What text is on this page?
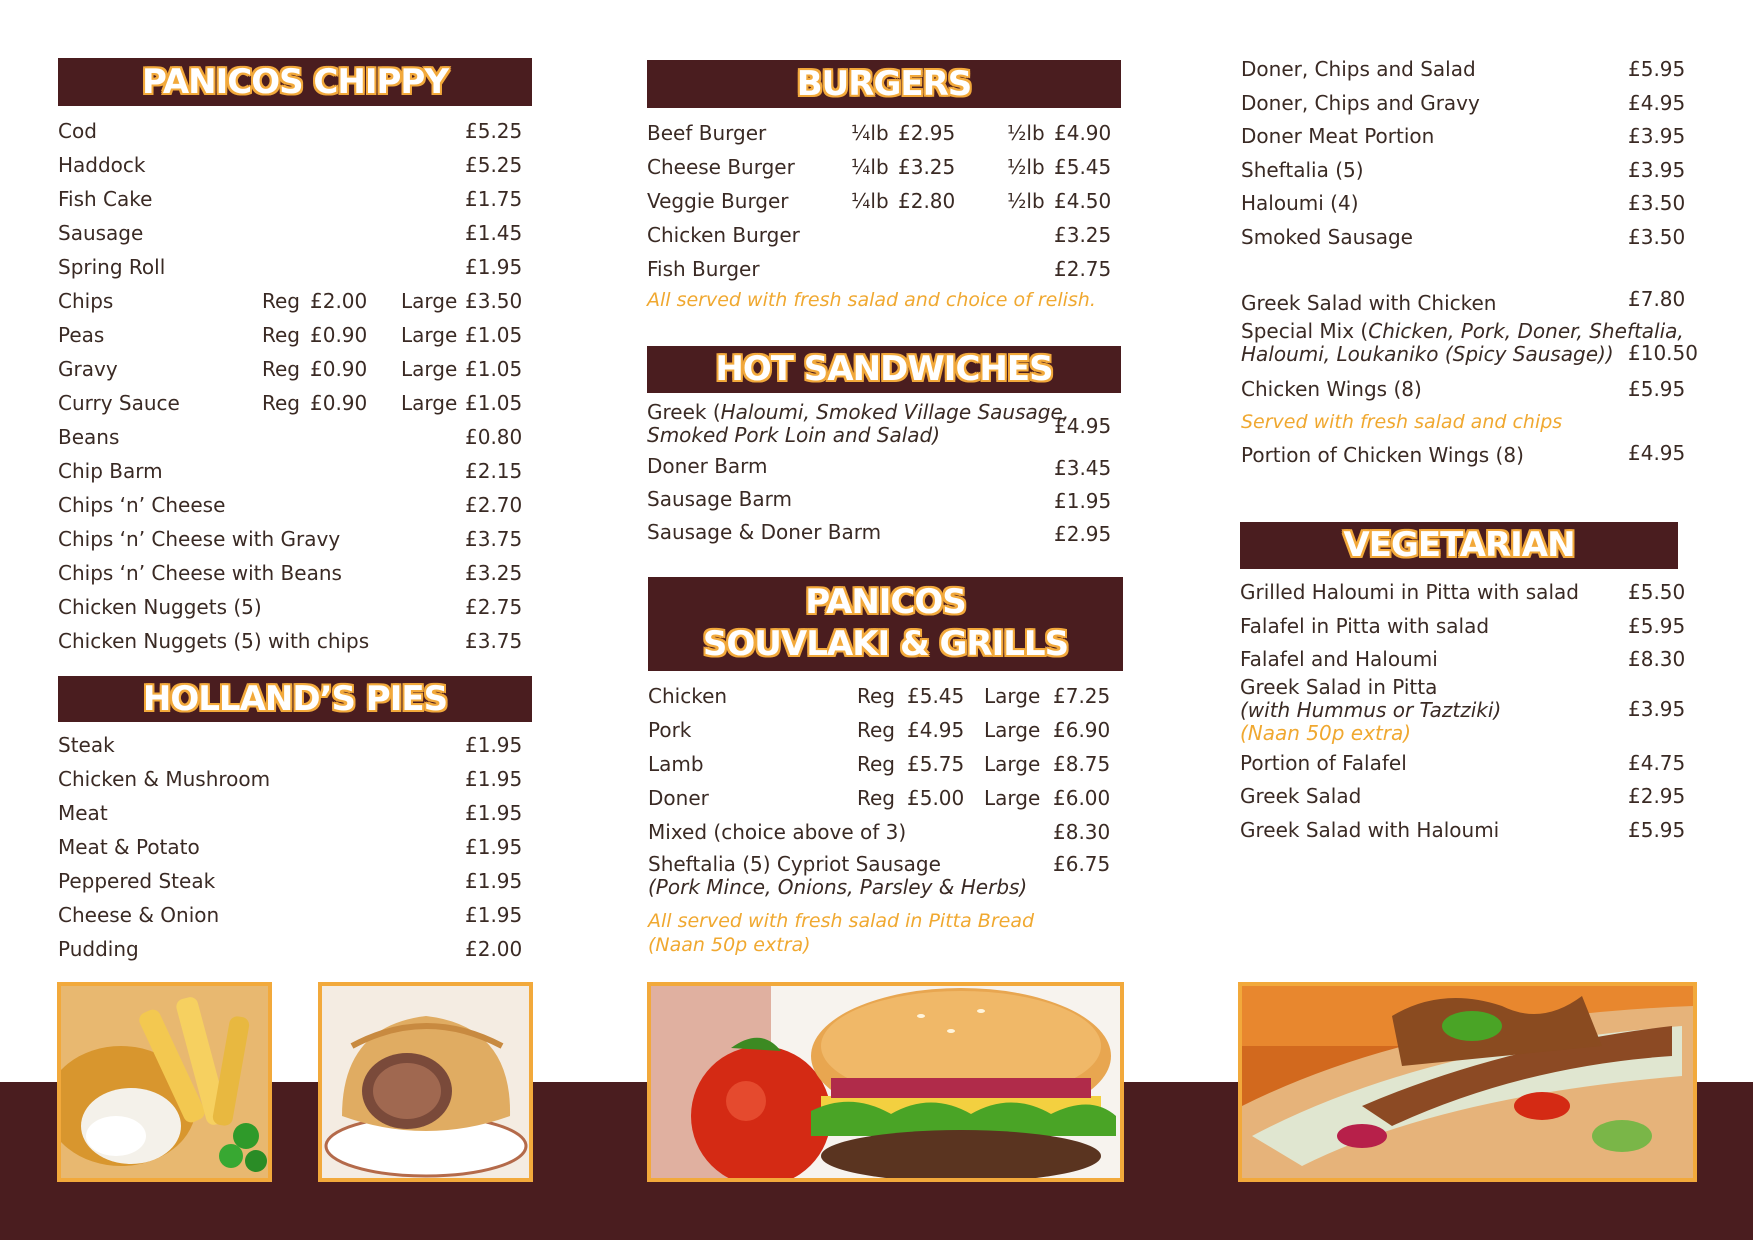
PANICOS CHIPPY
Cod	£5.25
Haddock	£5.25
Fish Cake	£1.75
Sausage	£1.45
Spring Roll	£1.95
Chips	Reg £2.00 Large £3.50
Peas	Reg £0.90 Large £1.05
Gravy	Reg £0.90 Large £1.05
Curry Sauce	Reg £0.90 Large £1.05
Beans	£0.80
Chip Barm	£2.15
Chips ‘n’ Cheese	£2.70
Chips ‘n’ Cheese with Gravy	£3.75
Chips ‘n’ Cheese with Beans	£3.25
Chicken Nuggets (5)	£2.75
Chicken Nuggets (5) with chips	£3.75
HOLLAND’S PIES
Steak	£1.95
Chicken & Mushroom	£1.95
Meat	£1.95
Meat & Potato	£1.95
Peppered Steak	£1.95
Cheese & Onion	£1.95
Pudding	£2.00
BURGERS
Beef Burger	¼lb £2.95	½lb £4.90
Cheese Burger	¼lb £3.25	½lb £5.45
Veggie Burger	¼lb £2.80	½lb £4.50
Chicken Burger	£3.25
Fish Burger	£2.75
All served with fresh salad and choice of relish.
HOT SANDWICHES
Greek (Haloumi, Smoked Village Sausage,
Smoked Pork Loin and Salad)	£4.95
Doner Barm	£3.45
Sausage Barm	£1.95
Sausage & Doner Barm	£2.95
PANICOS
SOUVLAKI & GRILLS
Chicken	Reg £5.45 Large £7.25
Pork	Reg £4.95 Large £6.90
Lamb	Reg £5.75 Large £8.75
Doner	Reg £5.00 Large £6.00
Mixed (choice above of 3)	£8.30
Sheftalia (5) Cypriot Sausage
(Pork Mince, Onions, Parsley & Herbs)
£6.75
All served with fresh salad in Pitta Bread
(Naan 50p extra)
Doner, Chips and Salad	£5.95
Doner, Chips and Gravy	£4.95
Doner Meat Portion	£3.95
Sheftalia (5)	£3.95
Haloumi (4)	£3.50
Smoked Sausage	£3.50
Greek Salad with Chicken	£7.80
Special Mix (Chicken, Pork, Doner, Sheftalia,
Haloumi, Loukaniko (Spicy Sausage)) £10.50
Chicken Wings (8)	£5.95
Served with fresh salad and chips
Portion of Chicken Wings (8)	£4.95
VEGETARIAN
Grilled Haloumi in Pitta with salad £5.50
Falafel in Pitta with salad	£5.95
Falafel and Haloumi	£8.30
Greek Salad in Pitta
(with Hummus or Taztziki)
(Naan 50p extra)
£3.95
Portion of Falafel	£4.75
Greek Salad	£2.95
Greek Salad with Haloumi	£5.95
